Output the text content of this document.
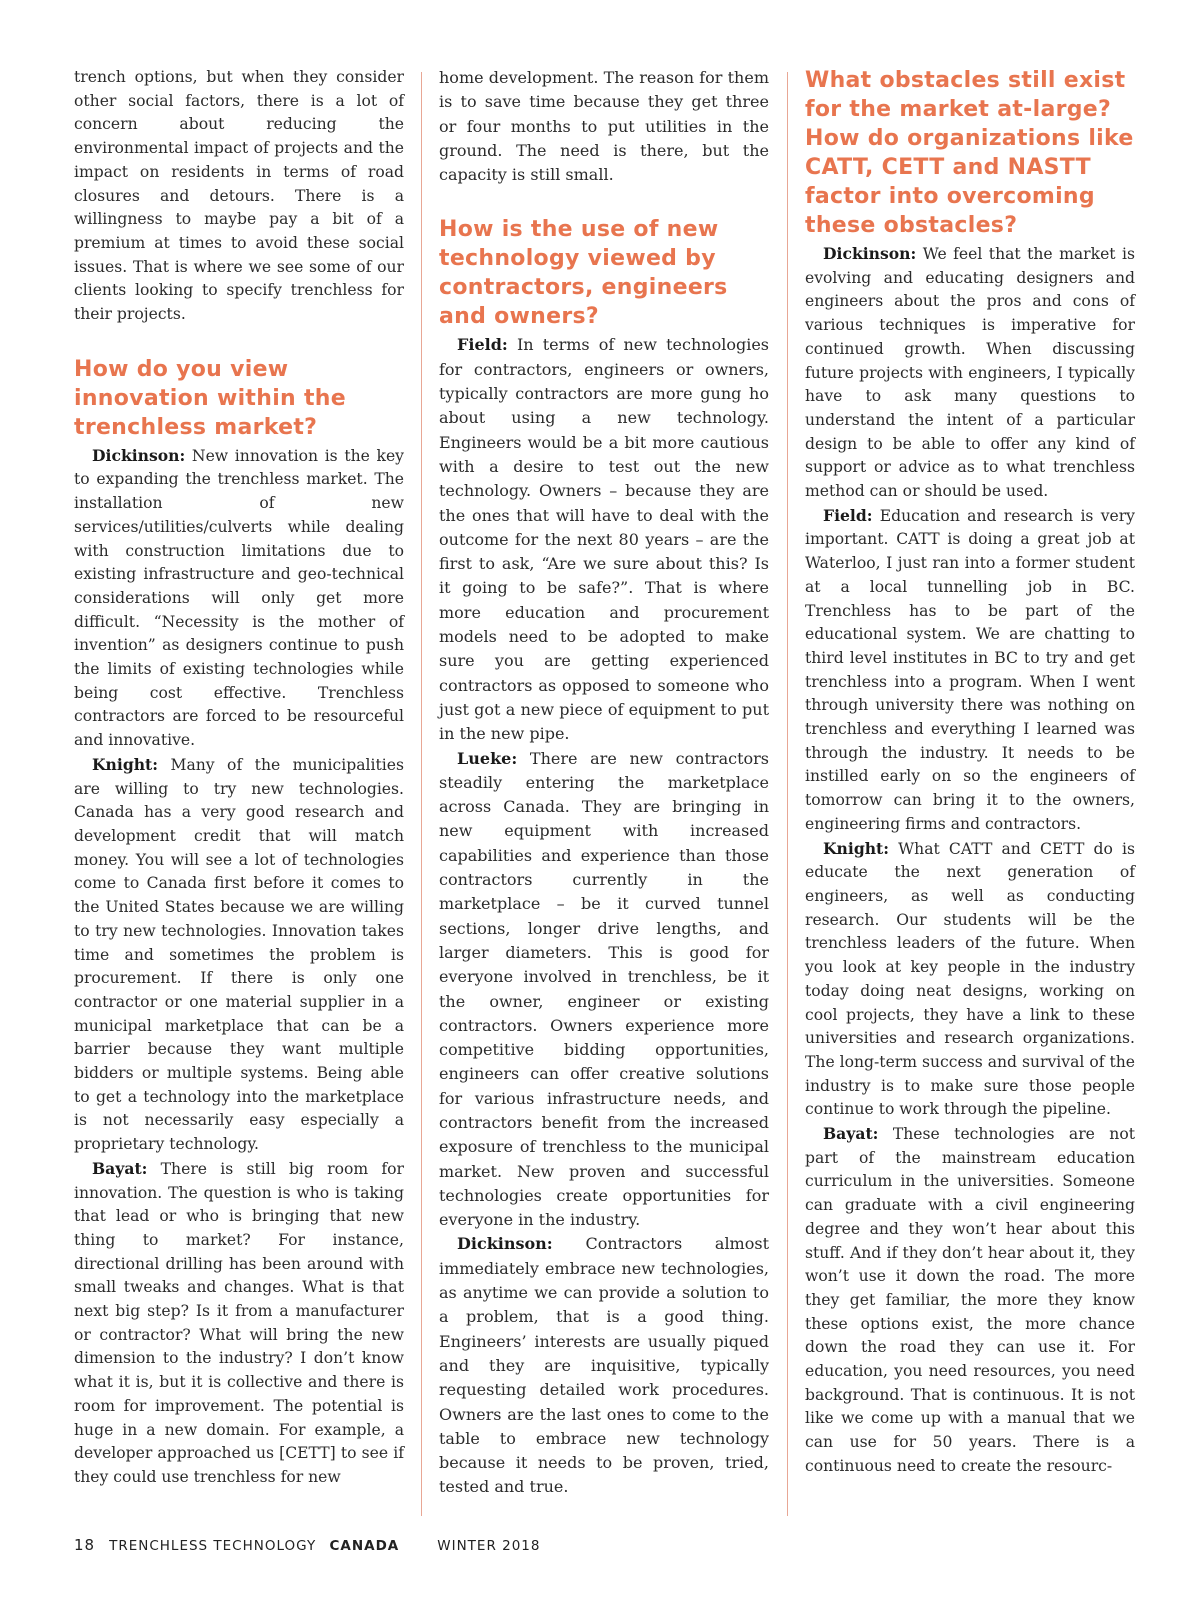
trench options, but when they consider other social factors, there is a lot of concern about reducing the environmental impact of projects and the impact on residents in terms of road closures and detours. There is a willingness to maybe pay a bit of a premium at times to avoid these social issues. That is where we see some of our clients looking to specify trenchless for their projects.

How do you view innovation within the trenchless market?

Dickinson: New innovation is the key to expanding the trenchless market. The installation of new services/utilities/culverts while dealing with construction limitations due to existing infrastructure and geo-technical considerations will only get more difficult. “Necessity is the mother of invention” as designers continue to push the limits of existing technologies while being cost effective. Trenchless contractors are forced to be resourceful and innovative.

Knight: Many of the municipalities are willing to try new technologies. Canada has a very good research and development credit that will match money. You will see a lot of technologies come to Canada first before it comes to the United States because we are willing to try new technologies. Innovation takes time and sometimes the problem is procurement. If there is only one contractor or one material supplier in a municipal marketplace that can be a barrier because they want multiple bidders or multiple systems. Being able to get a technology into the marketplace is not necessarily easy especially a proprietary technology.

Bayat: There is still big room for innovation. The question is who is taking that lead or who is bringing that new thing to market? For instance, directional drilling has been around with small tweaks and changes. What is that next big step? Is it from a manufacturer or contractor? What will bring the new dimension to the industry? I don’t know what it is, but it is collective and there is room for improvement. The potential is huge in a new domain. For example, a developer approached us [CETT] to see if they could use trenchless for new

home development. The reason for them is to save time because they get three or four months to put utilities in the ground. The need is there, but the capacity is still small.

How is the use of new technology viewed by contractors, engineers and owners?

Field: In terms of new technologies for contractors, engineers or owners, typically contractors are more gung ho about using a new technology. Engineers would be a bit more cautious with a desire to test out the new technology. Owners – because they are the ones that will have to deal with the outcome for the next 80 years – are the first to ask, “Are we sure about this? Is it going to be safe?”. That is where more education and procurement models need to be adopted to make sure you are getting experienced contractors as opposed to someone who just got a new piece of equipment to put in the new pipe.

Lueke: There are new contractors steadily entering the marketplace across Canada. They are bringing in new equipment with increased capabilities and experience than those contractors currently in the marketplace – be it curved tunnel sections, longer drive lengths, and larger diameters. This is good for everyone involved in trenchless, be it the owner, engineer or existing contractors. Owners experience more competitive bidding opportunities, engineers can offer creative solutions for various infrastructure needs, and contractors benefit from the increased exposure of trenchless to the municipal market. New proven and successful technologies create opportunities for everyone in the industry.

Dickinson: Contractors almost immediately embrace new technologies, as anytime we can provide a solution to a problem, that is a good thing. Engineers’ interests are usually piqued and they are inquisitive, typically requesting detailed work procedures. Owners are the last ones to come to the table to embrace new technology because it needs to be proven, tried, tested and true.

What obstacles still exist for the market at-large? How do organizations like CATT, CETT and NASTT factor into overcoming these obstacles?

Dickinson: We feel that the market is evolving and educating designers and engineers about the pros and cons of various techniques is imperative for continued growth. When discussing future projects with engineers, I typically have to ask many questions to understand the intent of a particular design to be able to offer any kind of support or advice as to what trenchless method can or should be used.

Field: Education and research is very important. CATT is doing a great job at Waterloo, I just ran into a former student at a local tunnelling job in BC. Trenchless has to be part of the educational system. We are chatting to third level institutes in BC to try and get trenchless into a program. When I went through university there was nothing on trenchless and everything I learned was through the industry. It needs to be instilled early on so the engineers of tomorrow can bring it to the owners, engineering firms and contractors.

Knight: What CATT and CETT do is educate the next generation of engineers, as well as conducting research. Our students will be the trenchless leaders of the future. When you look at key people in the industry today doing neat designs, working on cool projects, they have a link to these universities and research organizations. The long-term success and survival of the industry is to make sure those people continue to work through the pipeline.

Bayat: These technologies are not part of the mainstream education curriculum in the universities. Someone can graduate with a civil engineering degree and they won’t hear about this stuff. And if they don’t hear about it, they won’t use it down the road. The more they get familiar, the more they know these options exist, the more chance down the road they can use it. For education, you need resources, you need background. That is continuous. It is not like we come up with a manual that we can use for 50 years. There is a continuous need to create the resourc-

18 TRENCHLESS TECHNOLOGY CANADA	WINTER 2018
